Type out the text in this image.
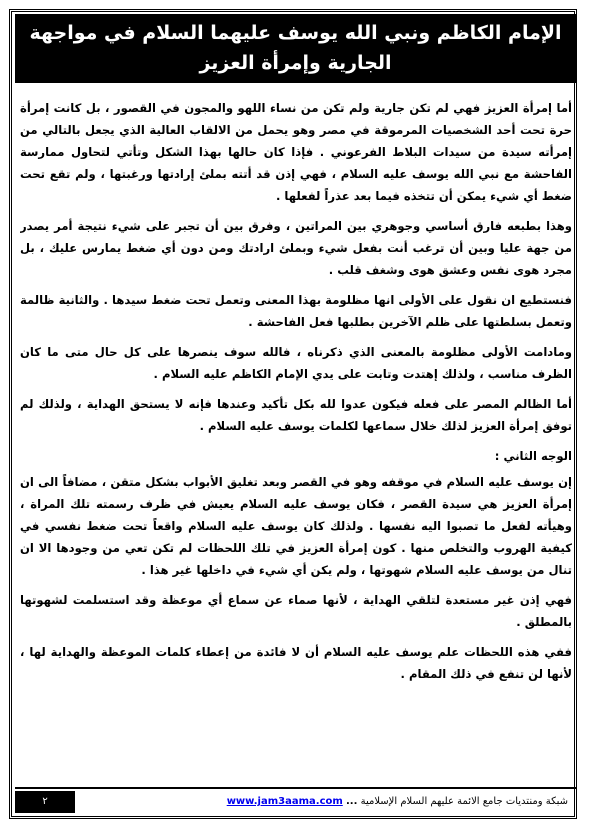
الإمام الكاظم ونبي الله يوسف عليهما السلام في مواجهة
الجارية وإمرأة العزيز

أما إمرأة العزيز فهي لم تكن جارية ولم تكن من نساء اللهو والمجون في القصور ، بل كانت إمرأة حرة تحت أحد الشخصيات المرموقة في مصر وهو يحمل من الالقاب العالية الذي يجعل بالتالي من إمرأته سيدة من سيدات البلاط الفرعوني . فإذا كان حالها بهذا الشكل وتأتي لتحاول ممارسة الفاحشة مع نبي الله يوسف عليه السلام ، فهي إذن قد أتته بملئ إرادتها ورغبتها ، ولم تقع تحت ضغط أي شيء يمكن أن تتخذه فيما بعد عذراً لفعلها .

وهذا بطبعه فارق أساسي وجوهري بين المراتين ، وفرق بين أن تجبر على شيء نتيجة أمر يصدر من جهة عليا وبين أن ترغب أنت بفعل شيء وبملئ ارادتك ومن دون أي ضغط يمارس عليك ، بل مجرد هوى نفس وعشق هوى وشغف قلب .

فنستطيع ان نقول على الأولى انها مظلومة بهذا المعنى وتعمل تحت ضغط سيدها . والثانية ظالمة وتعمل بسلطتها على ظلم الآخرين بطلبها فعل الفاحشة .

ومادامت الأولى مظلومة بالمعنى الذي ذكرناه ، فالله سوف ينصرها على كل حال متى ما كان الظرف مناسب ، ولذلك إهتدت وتابت على يدي الإمام الكاظم عليه السلام .

أما الظالم المصر على فعله فيكون عدوا لله بكل تأكيد وعندها فإنه لا يستحق الهداية ، ولذلك لم توفق إمرأة العزيز لذلك خلال سماعها لكلمات يوسف عليه السلام .

الوجه الثاني :

إن يوسف عليه السلام في موقفه وهو في القصر وبعد تغليق الأبواب بشكل متقن ، مضافاً الى ان إمرأة العزيز هي سيدة القصر ، فكان يوسف عليه السلام يعيش في ظرف رسمته تلك المراة ، وهيأته لفعل ما تصبوا اليه نفسها . ولذلك كان يوسف عليه السلام واقعاً تحت ضغط نفسي في كيفية الهروب والتخلص منها . كون إمرأة العزيز في تلك اللحظات لم تكن تعي من وجودها الا ان تنال من يوسف عليه السلام شهوتها ، ولم يكن أي شيء في داخلها غير هذا .

فهي إذن غير مستعدة لتلقي الهداية ، لأنها صماء عن سماع أي موعظة وقد استسلمت لشهوتها بالمطلق .

ففي هذه اللحظات علم يوسف عليه السلام أن لا فائدة من إعطاء كلمات الموعظة والهداية لها ، لأنها لن تنفع في ذلك المقام .

٢	شبكة ومنتديات جامع الائمة عليهم السلام الإسلامية ... www.jam3aama.com
